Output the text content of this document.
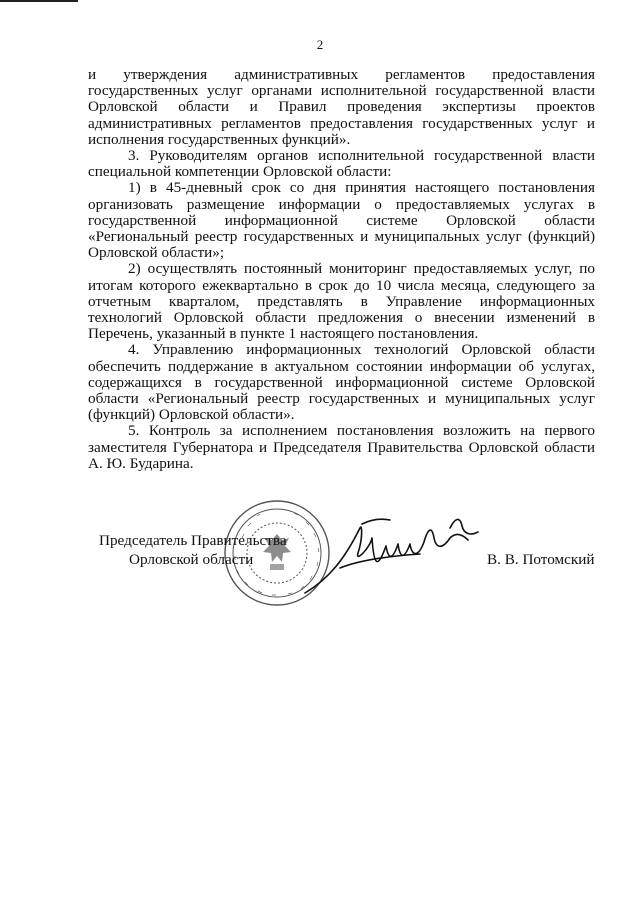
2

и утверждения административных регламентов предоставления государственных услуг органами исполнительной государственной власти Орловской области и Правил проведения экспертизы проектов административных регламентов предоставления государственных услуг и исполнения государственных функций».

3. Руководителям органов исполнительной государственной власти специальной компетенции Орловской области:

1) в 45-дневный срок со дня принятия настоящего постановления организовать размещение информации о предоставляемых услугах в государственной информационной системе Орловской области «Региональный реестр государственных и муниципальных услуг (функций) Орловской области»;

2) осуществлять постоянный мониторинг предоставляемых услуг, по итогам которого ежеквартально в срок до 10 числа месяца, следующего за отчетным кварталом, представлять в Управление информационных технологий Орловской области предложения о внесении изменений в Перечень, указанный в пункте 1 настоящего постановления.

4. Управлению информационных технологий Орловской области обеспечить поддержание в актуальном состоянии информации об услугах, содержащихся в государственной информационной системе Орловской области «Региональный реестр государственных и муниципальных услуг (функций) Орловской области».

5. Контроль за исполнением постановления возложить на первого заместителя Губернатора и Председателя Правительства Орловской области А. Ю. Бударина.

Председатель Правительства
Орловской области	В. В. Потомский
